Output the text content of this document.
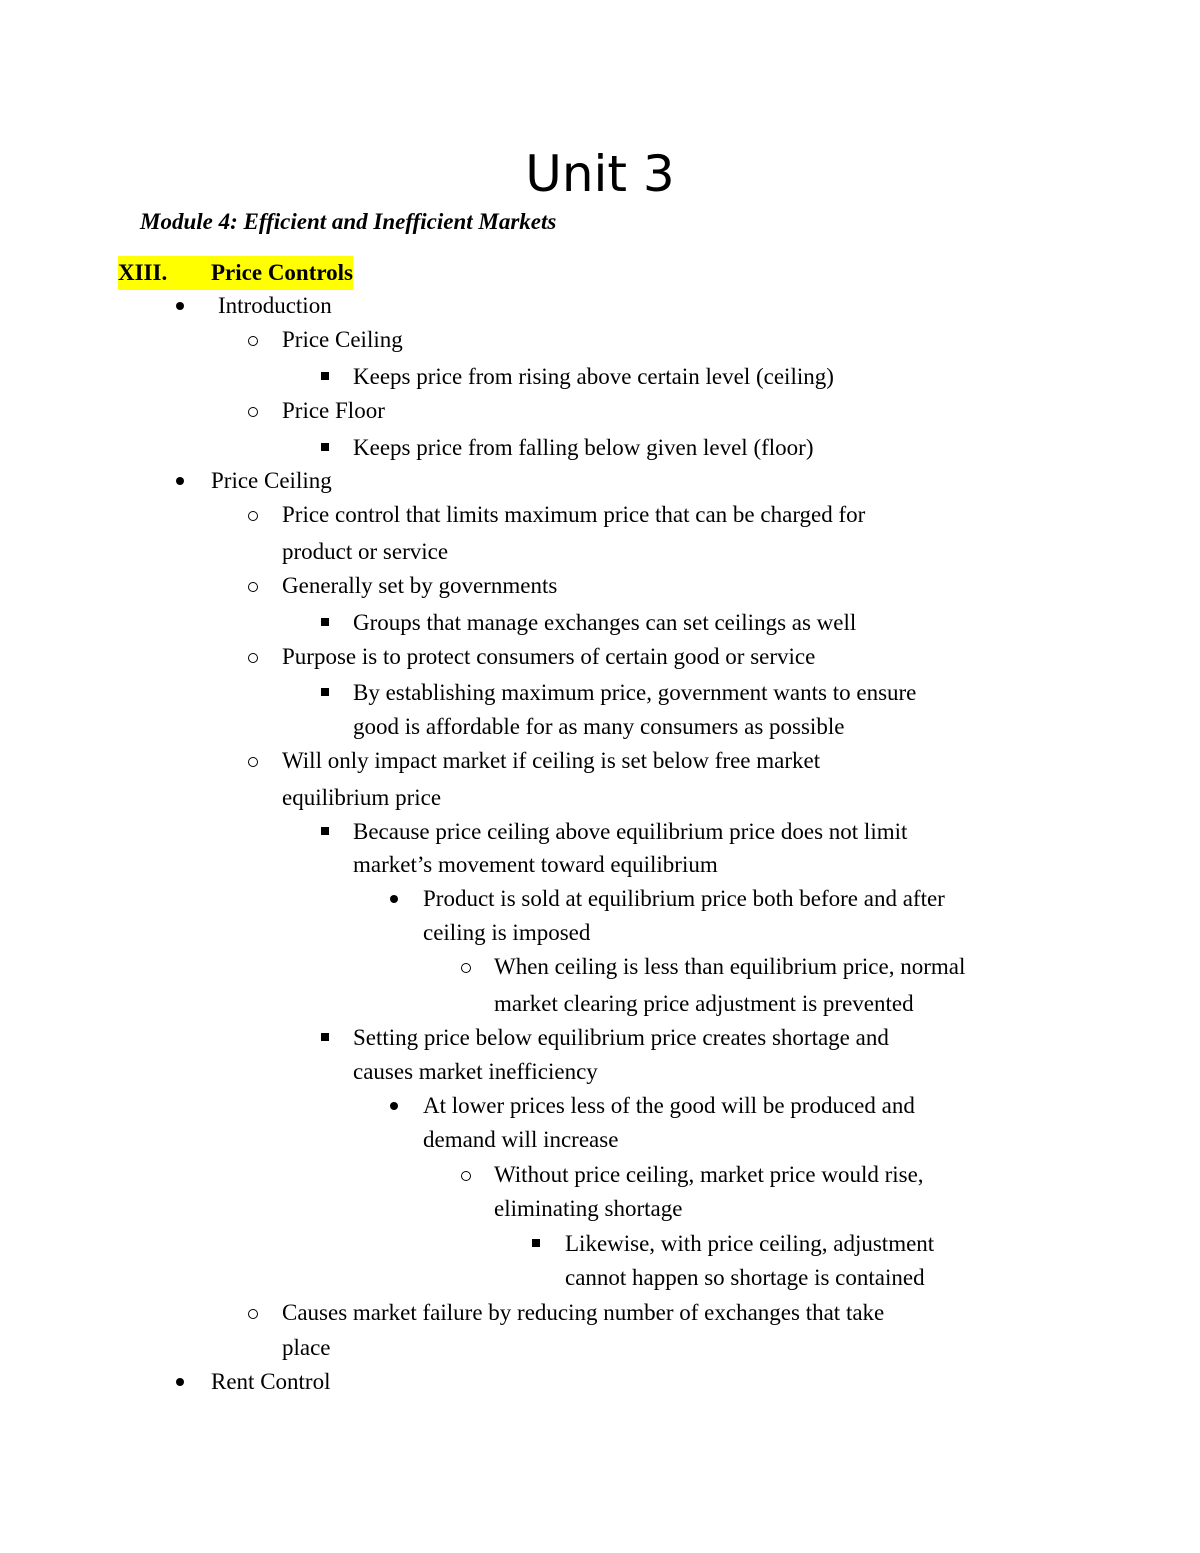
Unit 3
Module 4: Efficient and Inefficient Markets
XIII. Price Controls
Introduction
Price Ceiling
Keeps price from rising above certain level (ceiling)
Price Floor
Keeps price from falling below given level (floor)
Price Ceiling
Price control that limits maximum price that can be charged for
product or service
Generally set by governments
Groups that manage exchanges can set ceilings as well
Purpose is to protect consumers of certain good or service
By establishing maximum price, government wants to ensure
good is affordable for as many consumers as possible
Will only impact market if ceiling is set below free market
equilibrium price
Because price ceiling above equilibrium price does not limit
market’s movement toward equilibrium
Product is sold at equilibrium price both before and after
ceiling is imposed
When ceiling is less than equilibrium price, normal
market clearing price adjustment is prevented
Setting price below equilibrium price creates shortage and
causes market inefficiency
At lower prices less of the good will be produced and
demand will increase
Without price ceiling, market price would rise,
eliminating shortage
Likewise, with price ceiling, adjustment
cannot happen so shortage is contained
Causes market failure by reducing number of exchanges that take
place
Rent Control
